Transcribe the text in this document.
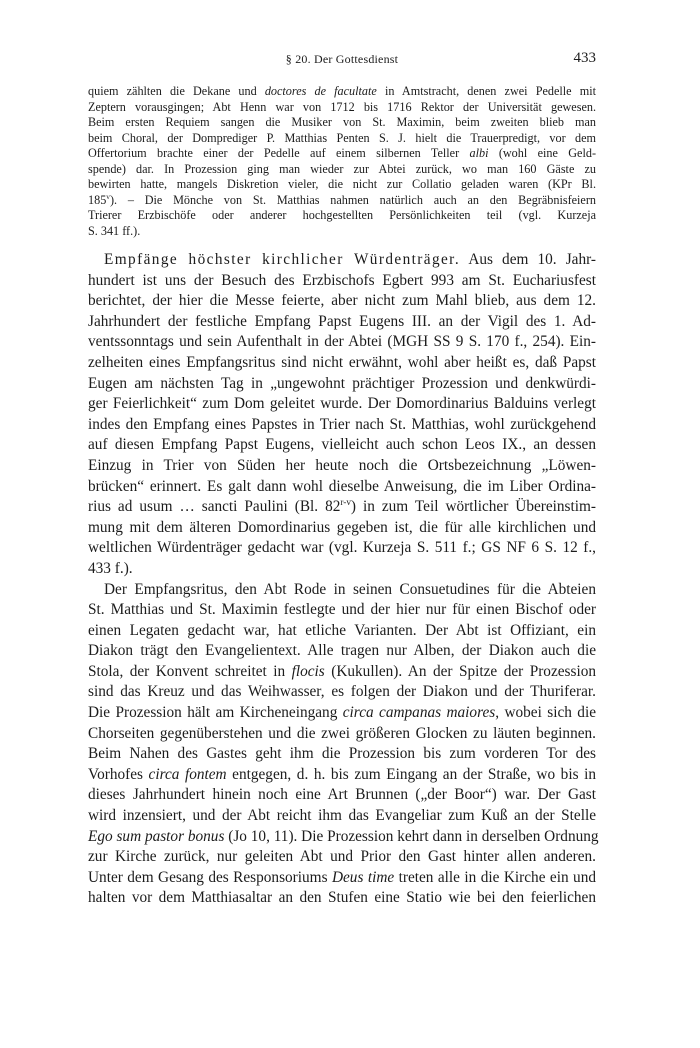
§ 20. Der Gottesdienst	433
quiem zählten die Dekane und doctores de facultate in Amtstracht, denen zwei Pedelle mit
Zeptern vorausgingen; Abt Henn war von 1712 bis 1716 Rektor der Universität gewesen.
Beim ersten Requiem sangen die Musiker von St. Maximin, beim zweiten blieb man
beim Choral, der Domprediger P. Matthias Penten S. J. hielt die Trauerpredigt, vor dem
Offertorium brachte einer der Pedelle auf einem silbernen Teller albi (wohl eine Geld-
spende) dar. In Prozession ging man wieder zur Abtei zurück, wo man 160 Gäste zu
bewirten hatte, mangels Diskretion vieler, die nicht zur Collatio geladen waren (KPr Bl.
185$^v$). – Die Mönche von St. Matthias nahmen natürlich auch an den Begräbnisfeiern
Trierer Erzbischöfe oder anderer hochgestellten Persönlichkeiten teil (vgl. Kurzeja
S. 341 ff.).
Empfänge höchster kirchlicher Würdenträger. Aus dem 10. Jahr-
hundert ist uns der Besuch des Erzbischofs Egbert 993 am St. Euchariusfest
berichtet, der hier die Messe feierte, aber nicht zum Mahl blieb, aus dem 12.
Jahrhundert der festliche Empfang Papst Eugens III. an der Vigil des 1. Ad-
ventssonntags und sein Aufenthalt in der Abtei (MGH SS 9 S. 170 f., 254). Ein-
zelheiten eines Empfangsritus sind nicht erwähnt, wohl aber heißt es, daß Papst
Eugen am nächsten Tag in „ungewohnt prächtiger Prozession und denkwürdi-
ger Feierlichkeit“ zum Dom geleitet wurde. Der Domordinarius Balduins verlegt
indes den Empfang eines Papstes in Trier nach St. Matthias, wohl zurückgehend
auf diesen Empfang Papst Eugens, vielleicht auch schon Leos IX., an dessen
Einzug in Trier von Süden her heute noch die Ortsbezeichnung „Löwen-
brücken“ erinnert. Es galt dann wohl dieselbe Anweisung, die im Liber Ordina-
rius ad usum … sancti Paulini (Bl. 82$^{r-v}$) in zum Teil wörtlicher Übereinstim-
mung mit dem älteren Domordinarius gegeben ist, die für alle kirchlichen und
weltlichen Würdenträger gedacht war (vgl. Kurzeja S. 511 f.; GS NF 6 S. 12 f.,
433 f.).
Der Empfangsritus, den Abt Rode in seinen Consuetudines für die Abteien
St. Matthias und St. Maximin festlegte und der hier nur für einen Bischof oder
einen Legaten gedacht war, hat etliche Varianten. Der Abt ist Offiziant, ein
Diakon trägt den Evangelientext. Alle tragen nur Alben, der Diakon auch die
Stola, der Konvent schreitet in flocis (Kukullen). An der Spitze der Prozession
sind das Kreuz und das Weihwasser, es folgen der Diakon und der Thuriferar.
Die Prozession hält am Kircheneingang circa campanas maiores, wobei sich die
Chorseiten gegenüberstehen und die zwei größeren Glocken zu läuten beginnen.
Beim Nahen des Gastes geht ihm die Prozession bis zum vorderen Tor des
Vorhofes circa fontem entgegen, d. h. bis zum Eingang an der Straße, wo bis in
dieses Jahrhundert hinein noch eine Art Brunnen („der Boor“) war. Der Gast
wird inzensiert, und der Abt reicht ihm das Evangeliar zum Kuß an der Stelle
Ego sum pastor bonus (Jo 10, 11). Die Prozession kehrt dann in derselben Ordnung
zur Kirche zurück, nur geleiten Abt und Prior den Gast hinter allen anderen.
Unter dem Gesang des Responsoriums Deus time treten alle in die Kirche ein und
halten vor dem Matthiasaltar an den Stufen eine Statio wie bei den feierlichen
